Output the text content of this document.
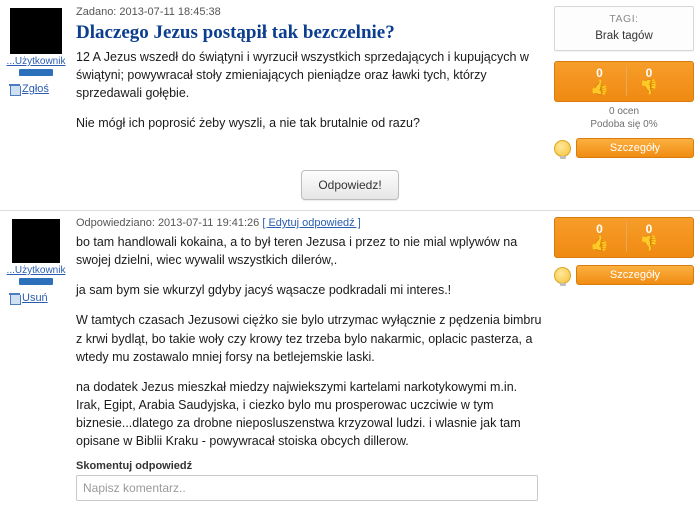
...Użytkownik
Zgłoś
Zadano: 2013-07-11 18:45:38
Dlaczego Jezus postąpił tak bezczelnie?

12 A Jezus wszedł do świątyni i wyrzucił wszystkich sprzedających i kupujących w świątyni; powywracał stoły zmieniających pieniądze oraz ławki tych, którzy sprzedawali gołębie.

Nie mógł ich poprosić żeby wyszli, a nie tak brutalnie od razu?

TAGI:
Brak tagów
0
👍
0
👎
0 ocen
Podoba się 0%
Szczegóły
Odpowiedz!
...Użytkownik
Usuń
Odpowiedziano: 2013-07-11 19:41:26 [ Edytuj odpowiedź ]

bo tam handlowali kokaina, a to był teren Jezusa i przez to nie mial wplywów na swojej dzielni, wiec wywalil wszystkich dilerów,.

ja sam bym sie wkurzyl gdyby jacyś wąsacze podkradali mi interes.!

W tamtych czasach Jezusowi ciężko sie bylo utrzymac wyłącznie z pędzenia bimbru z krwi bydląt, bo takie woły czy krowy tez trzeba bylo nakarmic, oplacic pasterza, a wtedy mu zostawalo mniej forsy na betlejemskie laski.

na dodatek Jezus mieszkał miedzy najwiekszymi kartelami narkotykowymi m.in. Irak, Egipt, Arabia Saudyjska, i ciezko bylo mu prosperowac uczciwie w tym biznesie...dlatego za drobne nieposluszenstwa krzyzowal ludzi. i wlasnie jak tam opisane w Biblii Kraku - powywracał stoiska obcych dillerow.

Skomentuj odpowiedź
Napisz komentarz..
0
👍
0
👎
Szczegóły
